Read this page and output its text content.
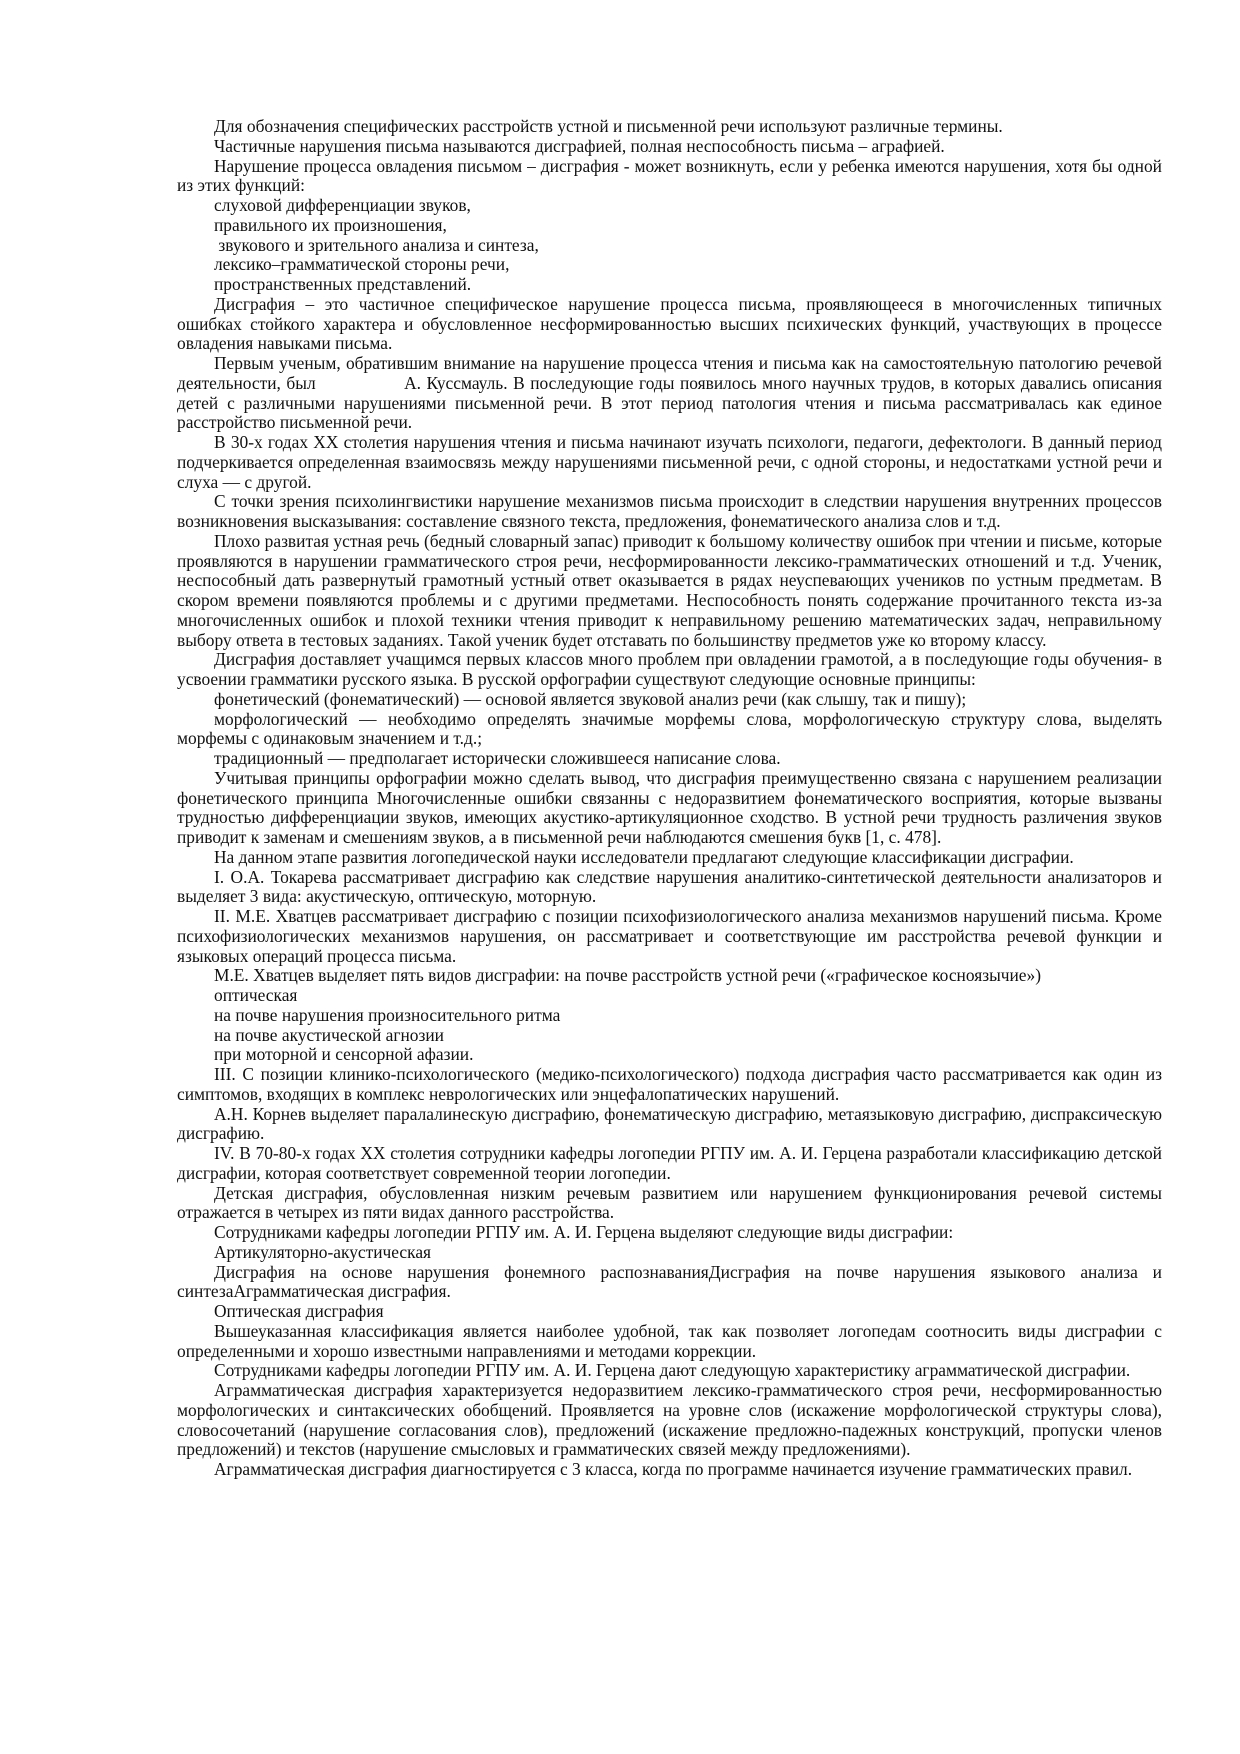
Для обозначения специфических расстройств устной и письменной речи используют различные термины.

Частичные нарушения письма называются дисграфией, полная неспособность письма – аграфией.

Нарушение процесса овладения письмом – дисграфия - может возникнуть, если у ребенка имеются нарушения, хотя бы одной из этих функций:

слуховой дифференциации звуков,

правильного их произношения,

звукового и зрительного анализа и синтеза,

лексико–грамматической стороны речи,

пространственных представлений.

Дисграфия – это частичное специфическое нарушение процесса письма, проявляющееся в многочисленных типичных ошибках стойкого характера и обусловленное несформированностью высших психических функций, участвующих в процессе овладения навыками письма.

Первым ученым, обратившим внимание на нарушение процесса чтения и письма как на самостоятельную патологию речевой деятельности, был                А. Куссмауль. В последующие годы появилось много научных трудов, в которых давались описания детей с различными нарушениями письменной речи. В этот период патология чтения и письма рассматривалась как единое расстройство письменной речи.

В 30-х годах XX столетия нарушения чтения и письма начинают изучать психологи, педагоги, дефектологи. В данный период подчеркивается определенная взаимосвязь между нарушениями письменной речи, с одной стороны, и недостатками устной речи и слуха — с другой.

С точки зрения психолингвистики нарушение механизмов письма происходит в следствии нарушения внутренних процессов возникновения высказывания: составление связного текста, предложения, фонематического анализа слов и т.д.

Плохо развитая устная речь (бедный словарный запас) приводит к большому количеству ошибок при чтении и письме, которые проявляются в нарушении грамматического строя речи, несформированности лексико-грамматических отношений и т.д. Ученик, неспособный дать развернутый грамотный устный ответ оказывается в рядах неуспевающих учеников по устным предметам. В скором времени появляются проблемы и с другими предметами. Неспособность понять содержание прочитанного текста из-за многочисленных ошибок и плохой техники чтения приводит к неправильному решению математических задач, неправильному выбору ответа в тестовых заданиях. Такой ученик будет отставать по большинству предметов уже ко второму классу.

Дисграфия доставляет учащимся первых классов много проблем при овладении грамотой, а в последующие годы обучения- в усвоении грамматики русского языка. В русской орфографии существуют следующие основные принципы:

фонетический (фонематический) — основой является звуковой анализ речи (как слышу, так и пишу);

морфологический — необходимо определять значимые морфемы слова, морфологическую структуру слова, выделять морфемы с одинаковым значением и т.д.;

традиционный — предполагает исторически сложившееся написание слова.

Учитывая принципы орфографии можно сделать вывод, что дисграфия преимущественно связана с нарушением реализации фонетического принципа Многочисленные ошибки связанны с недоразвитием фонематического восприятия, которые вызваны трудностью дифференциации звуков, имеющих акустико-артикуляционное сходство. В устной речи трудность различения звуков приводит к заменам и смешениям звуков, а в письменной речи наблюдаются смешения букв [1, с. 478].

На данном этапе развития логопедической науки исследователи предлагают следующие классификации дисграфии.

I. О.А. Токарева рассматривает дисграфию как следствие нарушения аналитико-синтетической деятельности анализаторов и выделяет 3 вида: акустическую, оптическую, моторную.

II. М.Е. Хватцев рассматривает дисграфию с позиции психофизиологического анализа механизмов нарушений письма. Кроме психофизиологических механизмов нарушения, он рассматривает и соответствующие им расстройства речевой функции и языковых операций процесса письма.

М.Е. Хватцев выделяет пять видов дисграфии: на почве расстройств устной речи («графическое косноязычие»)

оптическая

на почве нарушения произносительного ритма

на почве акустической агнозии

при моторной и сенсорной афазии.

III. С позиции клинико-психологического (медико-психологического) подхода дисграфия часто рассматривается как один из симптомов, входящих в комплекс неврологических или энцефалопатических нарушений.

А.Н. Корнев выделяет паралалинескую дисграфию, фонематическую дисграфию, метаязыковую дисграфию, диспраксическую дисграфию.

IV. В 70-80-х годах XX столетия сотрудники кафедры логопедии РГПУ им. А. И. Герцена разработали классификацию детской дисграфии, которая соответствует современной теории логопедии.

Детская дисграфия, обусловленная низким речевым развитием или нарушением функционирования речевой системы отражается в четырех из пяти видах данного расстройства.

Сотрудниками кафедры логопедии РГПУ им. А. И. Герцена выделяют следующие виды дисграфии:

Артикуляторно-акустическая

Дисграфия на основе нарушения фонемного распознаванияДисграфия на почве нарушения языкового анализа и синтезаАграмматическая дисграфия.

Оптическая дисграфия

Вышеуказанная классификация является наиболее удобной, так как позволяет логопедам соотносить виды дисграфии с определенными и хорошо известными направлениями и методами коррекции.

Сотрудниками кафедры логопедии РГПУ им. А. И. Герцена дают следующую характеристику аграмматической дисграфии.

Аграмматическая дисграфия характеризуется недоразвитием лексико-грамматического строя речи, несформированностью морфологических и синтаксических обобщений. Проявляется на уровне слов (искажение морфологической структуры слова), словосочетаний (нарушение согласования слов), предложений (искажение предложно-падежных конструкций, пропуски членов предложений) и текстов (нарушение смысловых и грамматических связей между предложениями).

Аграмматическая дисграфия диагностируется с 3 класса, когда по программе начинается изучение грамматических правил.
